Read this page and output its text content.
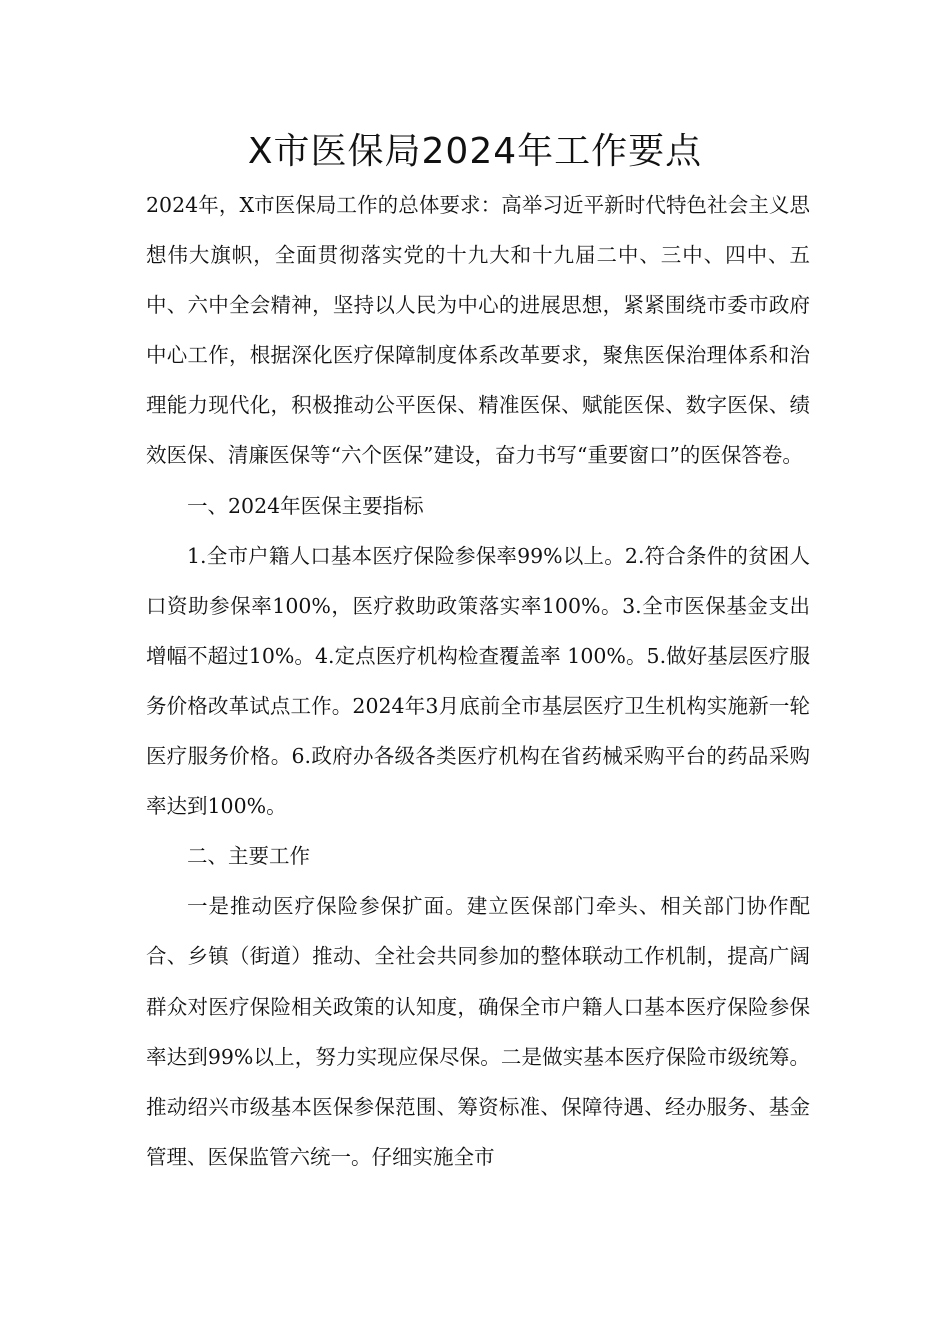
X市医保局2024年工作要点

2024年，X市医保局工作的总体要求：高举习近平新时代特色社会主义思想伟大旗帜，全面贯彻落实党的十九大和十九届二中、三中、四中、五中、六中全会精神，坚持以人民为中心的进展思想，紧紧围绕市委市政府中心工作，根据深化医疗保障制度体系改革要求，聚焦医保治理体系和治理能力现代化，积极推动公平医保、精准医保、赋能医保、数字医保、绩效医保、清廉医保等“六个医保”建设，奋力书写“重要窗口”的医保答卷。

一、2024年医保主要指标

1.全市户籍人口基本医疗保险参保率99%以上。2.符合条件的贫困人口资助参保率100%，医疗救助政策落实率100%。3.全市医保基金支出增幅不超过10%。4.定点医疗机构检查覆盖率 100%。5.做好基层医疗服务价格改革试点工作。2024年3月底前全市基层医疗卫生机构实施新一轮医疗服务价格。6.政府办各级各类医疗机构在省药械采购平台的药品采购率达到100%。

二、主要工作

一是推动医疗保险参保扩面。建立医保部门牵头、相关部门协作配合、乡镇（街道）推动、全社会共同参加的整体联动工作机制，提高广阔群众对医疗保险相关政策的认知度，确保全市户籍人口基本医疗保险参保率达到99%以上，努力实现应保尽保。二是做实基本医疗保险市级统筹。推动绍兴市级基本医保参保范围、筹资标准、保障待遇、经办服务、基金管理、医保监管六统一。仔细实施全市
